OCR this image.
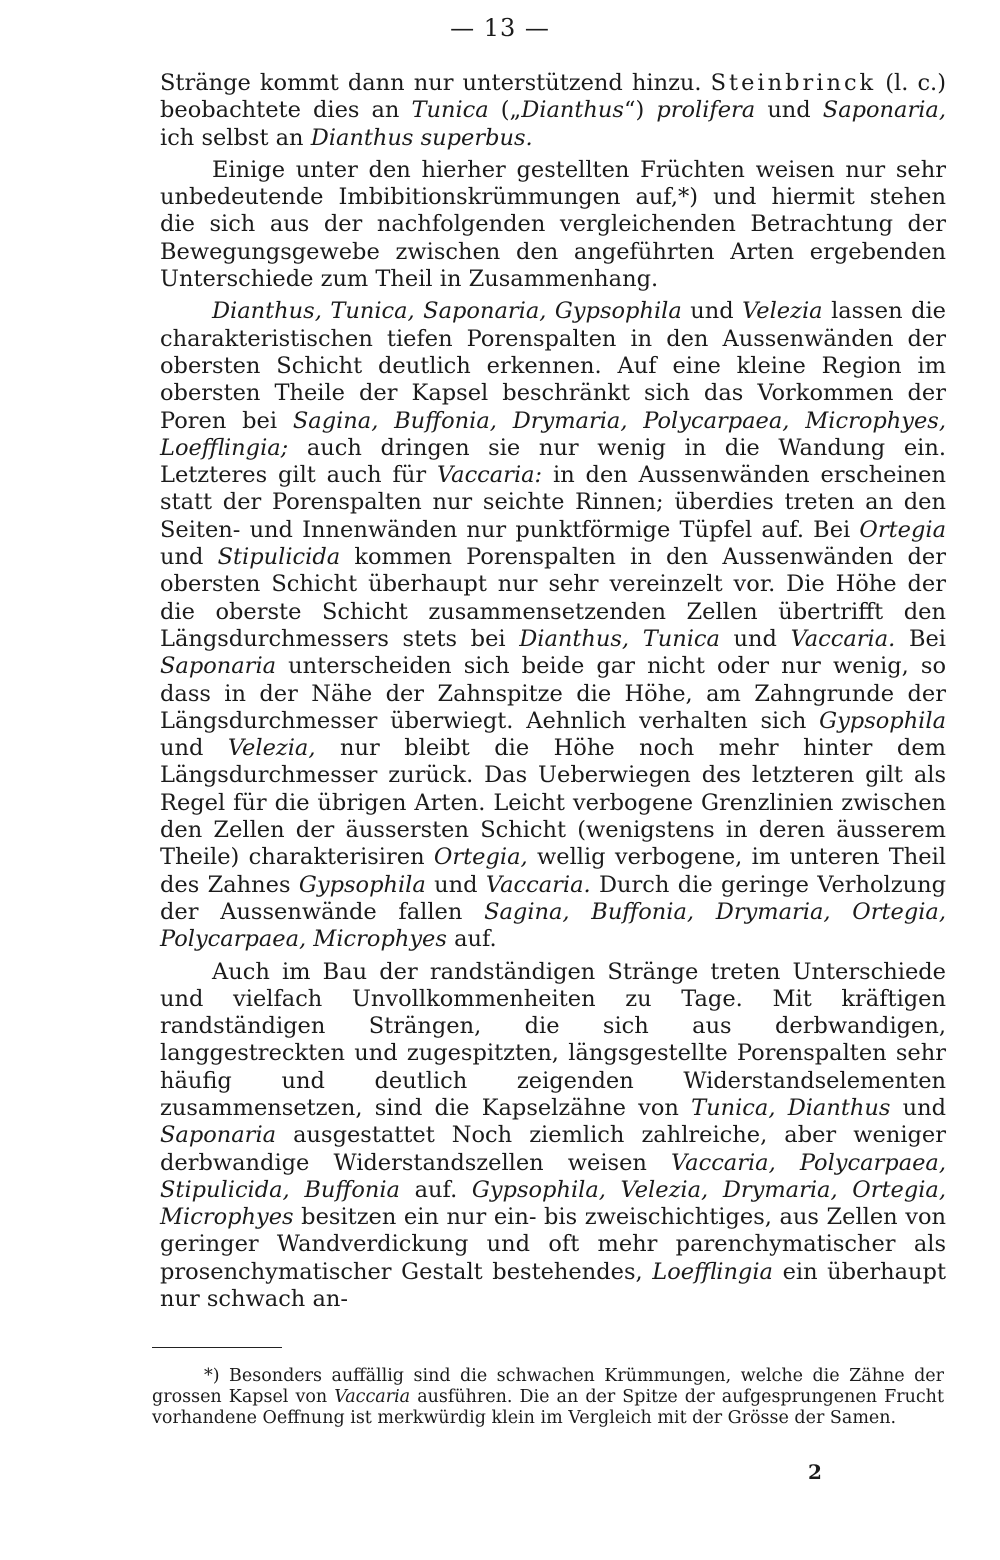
— 13 —

Stränge kommt dann nur unterstützend hinzu. Steinbrinck (l. c.) beobachtete dies an Tunica („Dianthus“) prolifera und Saponaria, ich selbst an Dianthus superbus.

Einige unter den hierher gestellten Früchten weisen nur sehr unbedeutende Imbibitionskrümmungen auf,*) und hiermit stehen die sich aus der nachfolgenden vergleichenden Betrachtung der Bewegungsgewebe zwischen den angeführten Arten ergebenden Unterschiede zum Theil in Zusammenhang.

Dianthus, Tunica, Saponaria, Gypsophila und Velezia lassen die charakteristischen tiefen Porenspalten in den Aussenwänden der obersten Schicht deutlich erkennen. Auf eine kleine Region im obersten Theile der Kapsel beschränkt sich das Vorkommen der Poren bei Sagina, Buffonia, Drymaria, Polycarpaea, Microphyes, Loefflingia; auch dringen sie nur wenig in die Wandung ein. Letzteres gilt auch für Vaccaria: in den Aussenwänden erscheinen statt der Porenspalten nur seichte Rinnen; überdies treten an den Seiten- und Innenwänden nur punktförmige Tüpfel auf. Bei Ortegia und Stipulicida kommen Porenspalten in den Aussenwänden der obersten Schicht überhaupt nur sehr vereinzelt vor. Die Höhe der die oberste Schicht zusammensetzenden Zellen übertrifft den Längsdurchmessers stets bei Dianthus, Tunica und Vaccaria. Bei Saponaria unterscheiden sich beide gar nicht oder nur wenig, so dass in der Nähe der Zahnspitze die Höhe, am Zahngrunde der Längsdurchmesser überwiegt. Aehnlich verhalten sich Gypsophila und Velezia, nur bleibt die Höhe noch mehr hinter dem Längsdurchmesser zurück. Das Ueberwiegen des letzteren gilt als Regel für die übrigen Arten. Leicht verbogene Grenzlinien zwischen den Zellen der äussersten Schicht (wenigstens in deren äusserem Theile) charakterisiren Ortegia, wellig verbogene, im unteren Theil des Zahnes Gypsophila und Vaccaria. Durch die geringe Verholzung der Aussenwände fallen Sagina, Buffonia, Drymaria, Ortegia, Polycarpaea, Microphyes auf.

Auch im Bau der randständigen Stränge treten Unterschiede und vielfach Unvollkommenheiten zu Tage. Mit kräftigen randständigen Strängen, die sich aus derbwandigen, langgestreckten und zugespitzten, längsgestellte Porenspalten sehr häufig und deutlich zeigenden Widerstandselementen zusammensetzen, sind die Kapselzähne von Tunica, Dianthus und Saponaria ausgestattet Noch ziemlich zahlreiche, aber weniger derbwandige Widerstandszellen weisen Vaccaria, Polycarpaea, Stipulicida, Buffonia auf. Gypsophila, Velezia, Drymaria, Ortegia, Microphyes besitzen ein nur ein- bis zweischichtiges, aus Zellen von geringer Wandverdickung und oft mehr parenchymatischer als prosenchymatischer Gestalt bestehendes, Loefflingia ein überhaupt nur schwach an-

*) Besonders auffällig sind die schwachen Krümmungen, welche die Zähne der grossen Kapsel von Vaccaria ausführen. Die an der Spitze der aufgesprungenen Frucht vorhandene Oeffnung ist merkwürdig klein im Vergleich mit der Grösse der Samen.

2
